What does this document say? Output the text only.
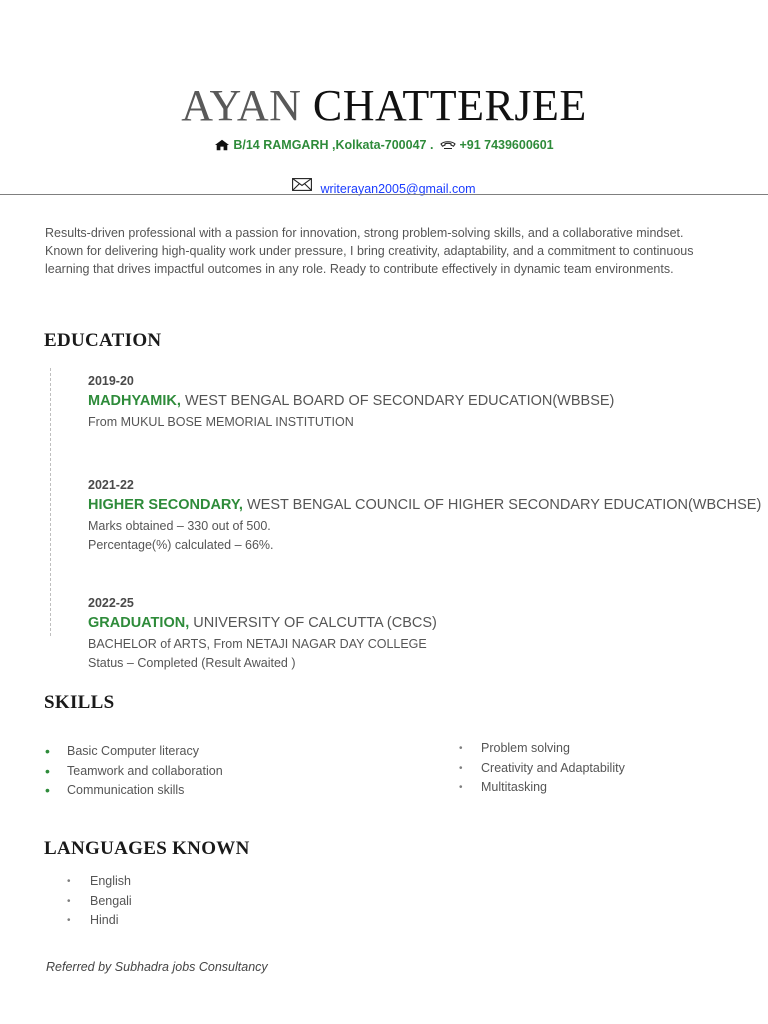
AYAN CHATTERJEE
B/14 RAMGARH ,Kolkata-700047 . +91 7439600601
writerayan2005@gmail.com
Results-driven professional with a passion for innovation, strong problem-solving skills, and a collaborative mindset. Known for delivering high-quality work under pressure, I bring creativity, adaptability, and a commitment to continuous learning that drives impactful outcomes in any role. Ready to contribute effectively in dynamic team environments.
EDUCATION
2019-20
MADHYAMIK, WEST BENGAL BOARD OF SECONDARY EDUCATION(WBBSE)
From MUKUL BOSE MEMORIAL INSTITUTION
2021-22
HIGHER SECONDARY, WEST BENGAL COUNCIL OF HIGHER SECONDARY EDUCATION(WBCHSE)
Marks obtained – 330 out of 500.
Percentage(%) calculated – 66%.
2022-25
GRADUATION, UNIVERSITY OF CALCUTTA (CBCS)
BACHELOR of ARTS, From NETAJI NAGAR DAY COLLEGE
Status – Completed (Result Awaited )
SKILLS
• Basic Computer literacy
• Teamwork and collaboration
• Communication skills
• Problem solving
• Creativity and Adaptability
• Multitasking
LANGUAGES KNOWN
• English
• Bengali
• Hindi
Referred by Subhadra jobs Consultancy
